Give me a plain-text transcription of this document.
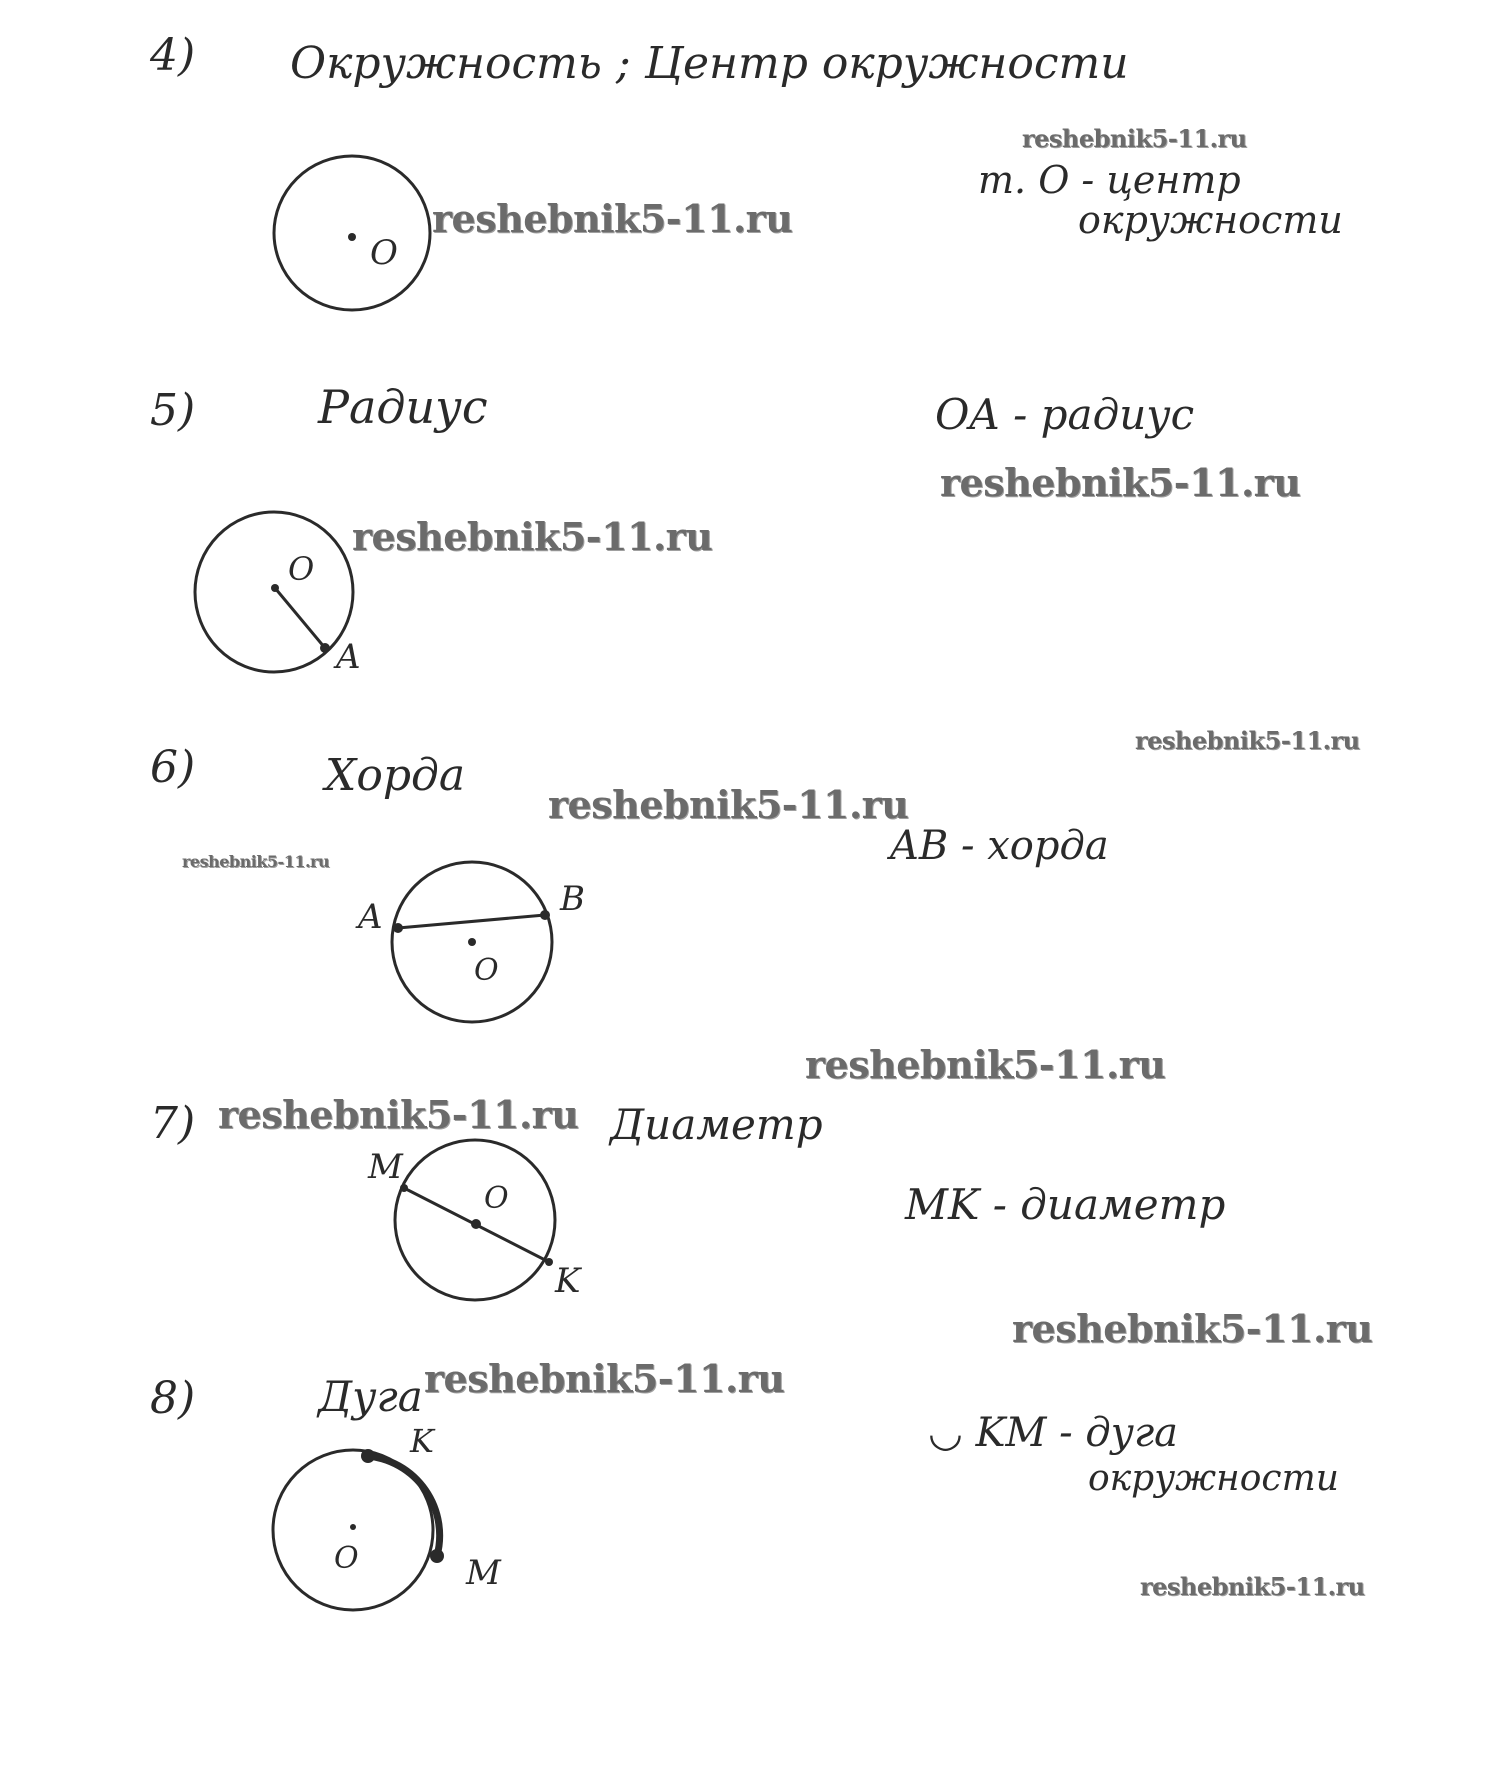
4) Окружность ; Центр окружности
т. O - центр
окружности
5)	Радиус	OA - радиус
6)	Хорда
AB - хорда
7)	Диаметр
MK - диаметр
8)	Дуга
◡ KM - дуга
окружности
O
O
A
A	B
O
M
O
K
K
O	M
reshebnik5-11.ru
reshebnik5-11.ru
reshebnik5-11.ru
reshebnik5-11.ru
reshebnik5-11.ru
reshebnik5-11.ru
reshebnik5-11.ru
reshebnik5-11.ru
reshebnik5-11.ru
reshebnik5-11.ru
reshebnik5-11.ru
reshebnik5-11.ru
